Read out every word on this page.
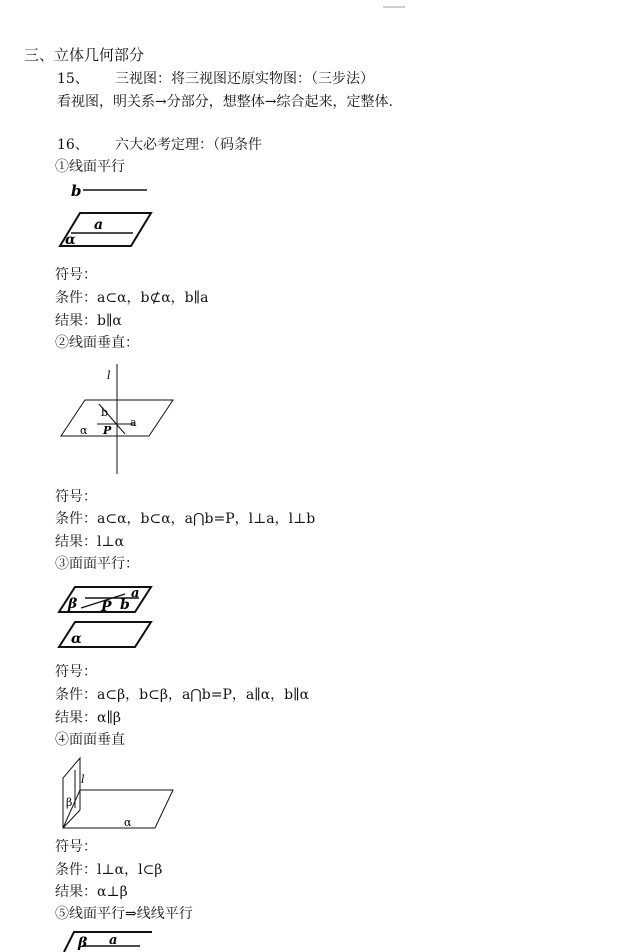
三、立体几何部分
15、 三视图：将三视图还原实物图：（三步法）
看视图，明关系→分部分，想整体→综合起来，定整体.
16、 六大必考定理：（码条件
①线面平行
b
a
α
符号：
条件：a⊂α，b⊄α，b∥a
结果：b∥α
②线面垂直：
l
b
a
α P
符号：
条件：a⊂α，b⊂α，a⋂b=P，l⊥a，l⊥b
结果：l⊥α
③面面平行：
β P b
a
α
符号：
条件：a⊂β，b⊂β，a⋂b=P，a∥α，b∥α
结果：α∥β
④面面垂直
l
β
α
符号：
条件：l⊥α，l⊂β
结果：α⊥β
⑤线面平行⇒线线平行
β a
